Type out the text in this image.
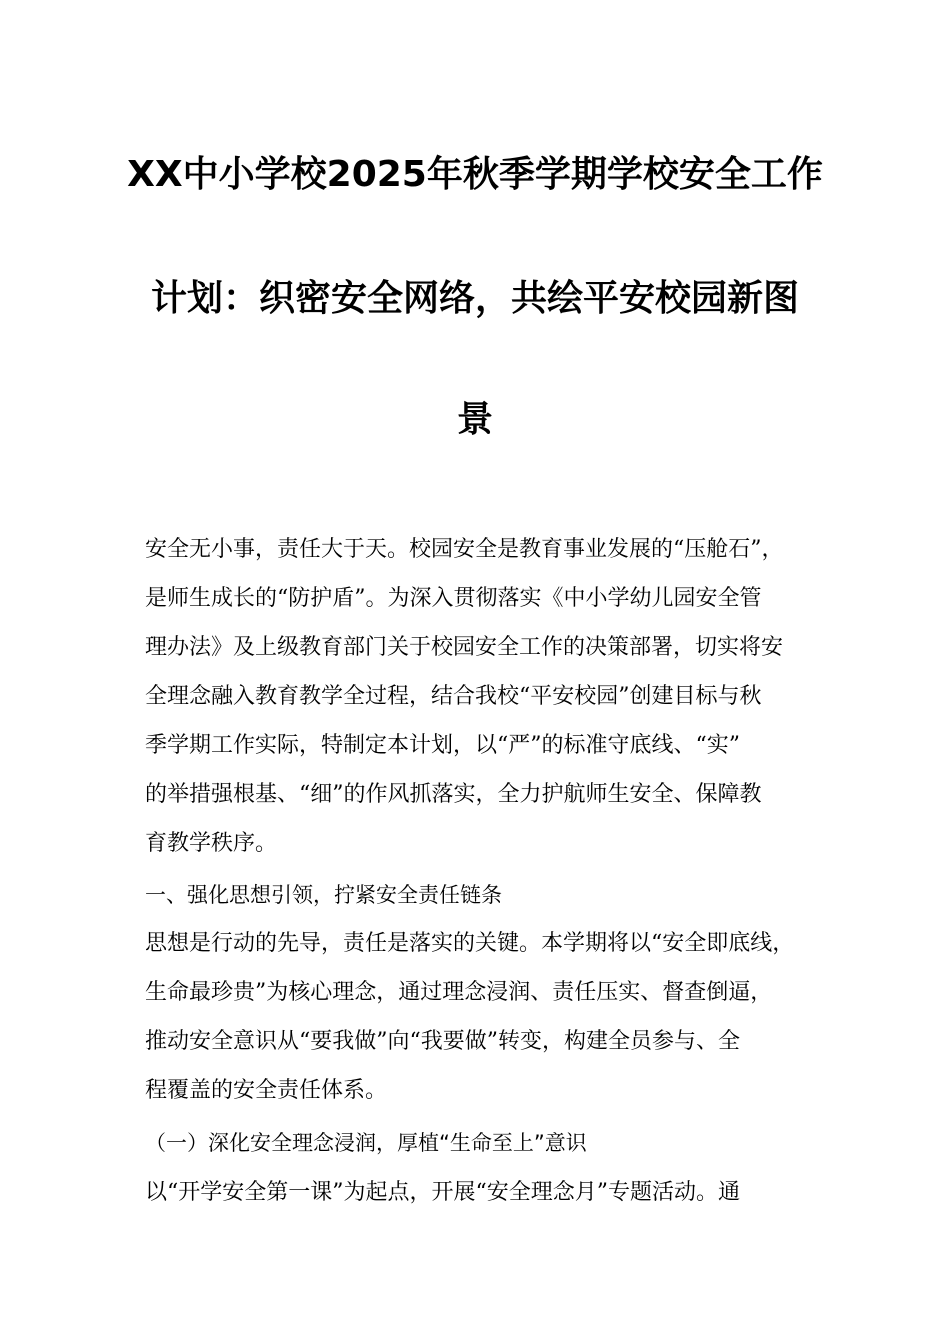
XX中小学校2025年秋季学期学校安全工作
计划：织密安全网络，共绘平安校园新图
景
安全无小事，责任大于天。校园安全是教育事业发展的“压舱石”，
是师生成长的“防护盾”。为深入贯彻落实《中小学幼儿园安全管
理办法》及上级教育部门关于校园安全工作的决策部署，切实将安
全理念融入教育教学全过程，结合我校“平安校园”创建目标与秋
季学期工作实际，特制定本计划，以“严”的标准守底线、“实”
的举措强根基、“细”的作风抓落实，全力护航师生安全、保障教
育教学秩序。
一、强化思想引领，拧紧安全责任链条
思想是行动的先导，责任是落实的关键。本学期将以“安全即底线，
生命最珍贵”为核心理念，通过理念浸润、责任压实、督查倒逼，
推动安全意识从“要我做”向“我要做”转变，构建全员参与、全
程覆盖的安全责任体系。
（一）深化安全理念浸润，厚植“生命至上”意识
以“开学安全第一课”为起点，开展“安全理念月”专题活动。通
